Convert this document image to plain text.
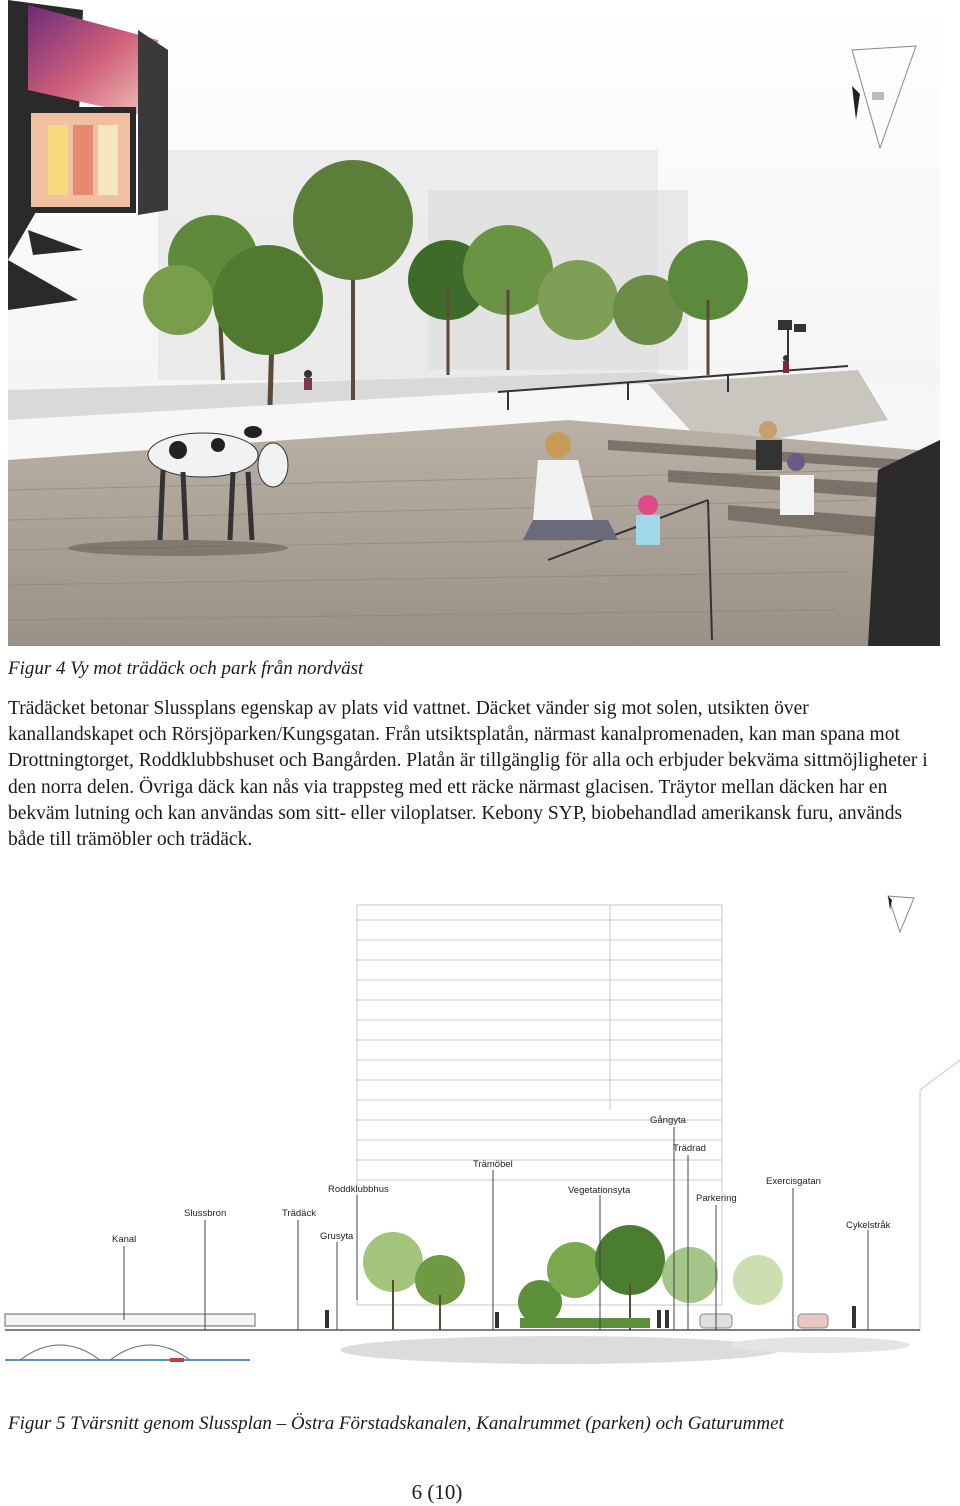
Figur 4 Vy mot trädäck och park från nordväst

Trädäcket betonar Slussplans egenskap av plats vid vattnet. Däcket vänder sig mot solen, utsikten över kanallandskapet och Rörsjöparken/Kungsgatan. Från utsiktsplatån, närmast kanalpromenaden, kan man spana mot Drottningtorget, Roddklubbshuset och Bangården. Platån är tillgänglig för alla och erbjuder bekväma sittmöjligheter i den norra delen. Övriga däck kan nås via trappsteg med ett räcke närmast glacisen. Träytor mellan däcken har en bekväm lutning och kan användas som sitt- eller viloplatser. Kebony SYP, biobehandlad amerikansk furu, används både till trämöbler och trädäck.

Kanal
Slussbron	Trädäck
Grusyta
Roddklubbhus
Trämöbel
Vegetationsyta
Gångyta
Trädrad
Parkering
Exercisgatan
Cykelstråk
Figur 5 Tvärsnitt genom Slussplan – Östra Förstadskanalen, Kanalrummet (parken) och Gaturummet
6 (10)
